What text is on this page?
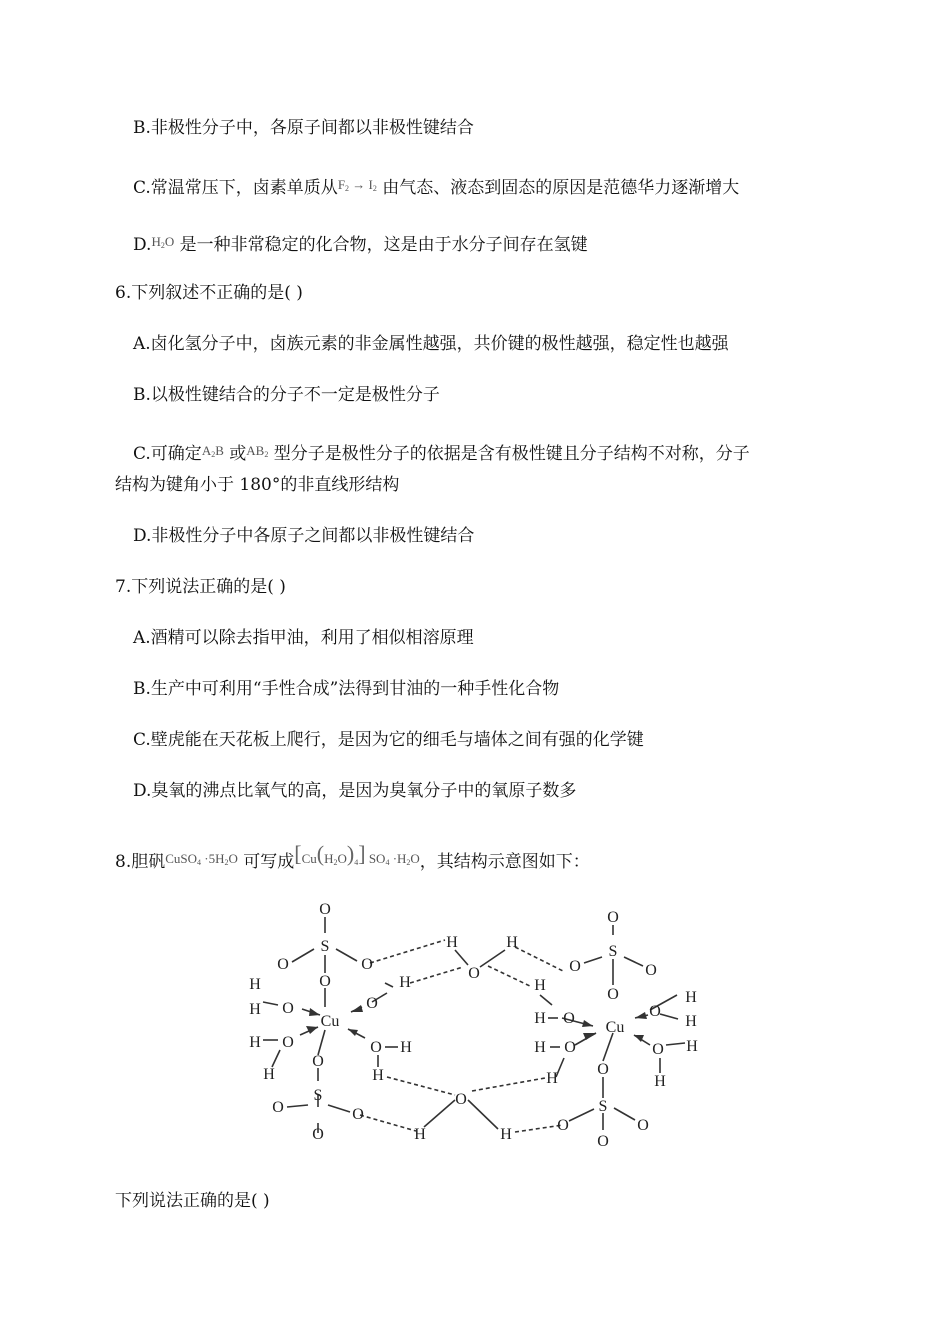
B.非极性分子中，各原子间都以非极性键结合
C.常温常压下，卤素单质从$^{F_2 \to I_2}$ 由气态、液态到固态的原因是范德华力逐渐增大
D.$^{H_2O}$ 是一种非常稳定的化合物，这是由于水分子间存在氢键
6.下列叙述不正确的是( )
A.卤化氢分子中，卤族元素的非金属性越强，共价键的极性越强，稳定性也越强
B.以极性键结合的分子不一定是极性分子
C.可确定$^{A_2B}$ 或$^{AB_2}$ 型分子是极性分子的依据是含有极性键且分子结构不对称，分子
结构为键角小于 180°的非直线形结构
D.非极性分子中各原子之间都以非极性键结合
7.下列说法正确的是( )
A.酒精可以除去指甲油，利用了相似相溶原理
B.生产中可利用“手性合成”法得到甘油的一种手性化合物
C.壁虎能在天花板上爬行，是因为它的细毛与墙体之间有强的化学键
D.臭氧的沸点比氧气的高，是因为臭氧分子中的氧原子数多
8.胆矾$^{CuSO_4 \cdot 5H_2O}$ 可写成$^{[Cu(H_2O)_4] SO_4 \cdot H_2O}$，其结构示意图如下：
O
S
O	O
O
H
H O
Cu
H O
H
H
O
O H
H
O
S
O
O
O
H
O
H
O
H	H
O
S
O	O
O
H
H O
Cu
O
H
H
H O
H
O H
H
O
S
O	O
O
下列说法正确的是( )
